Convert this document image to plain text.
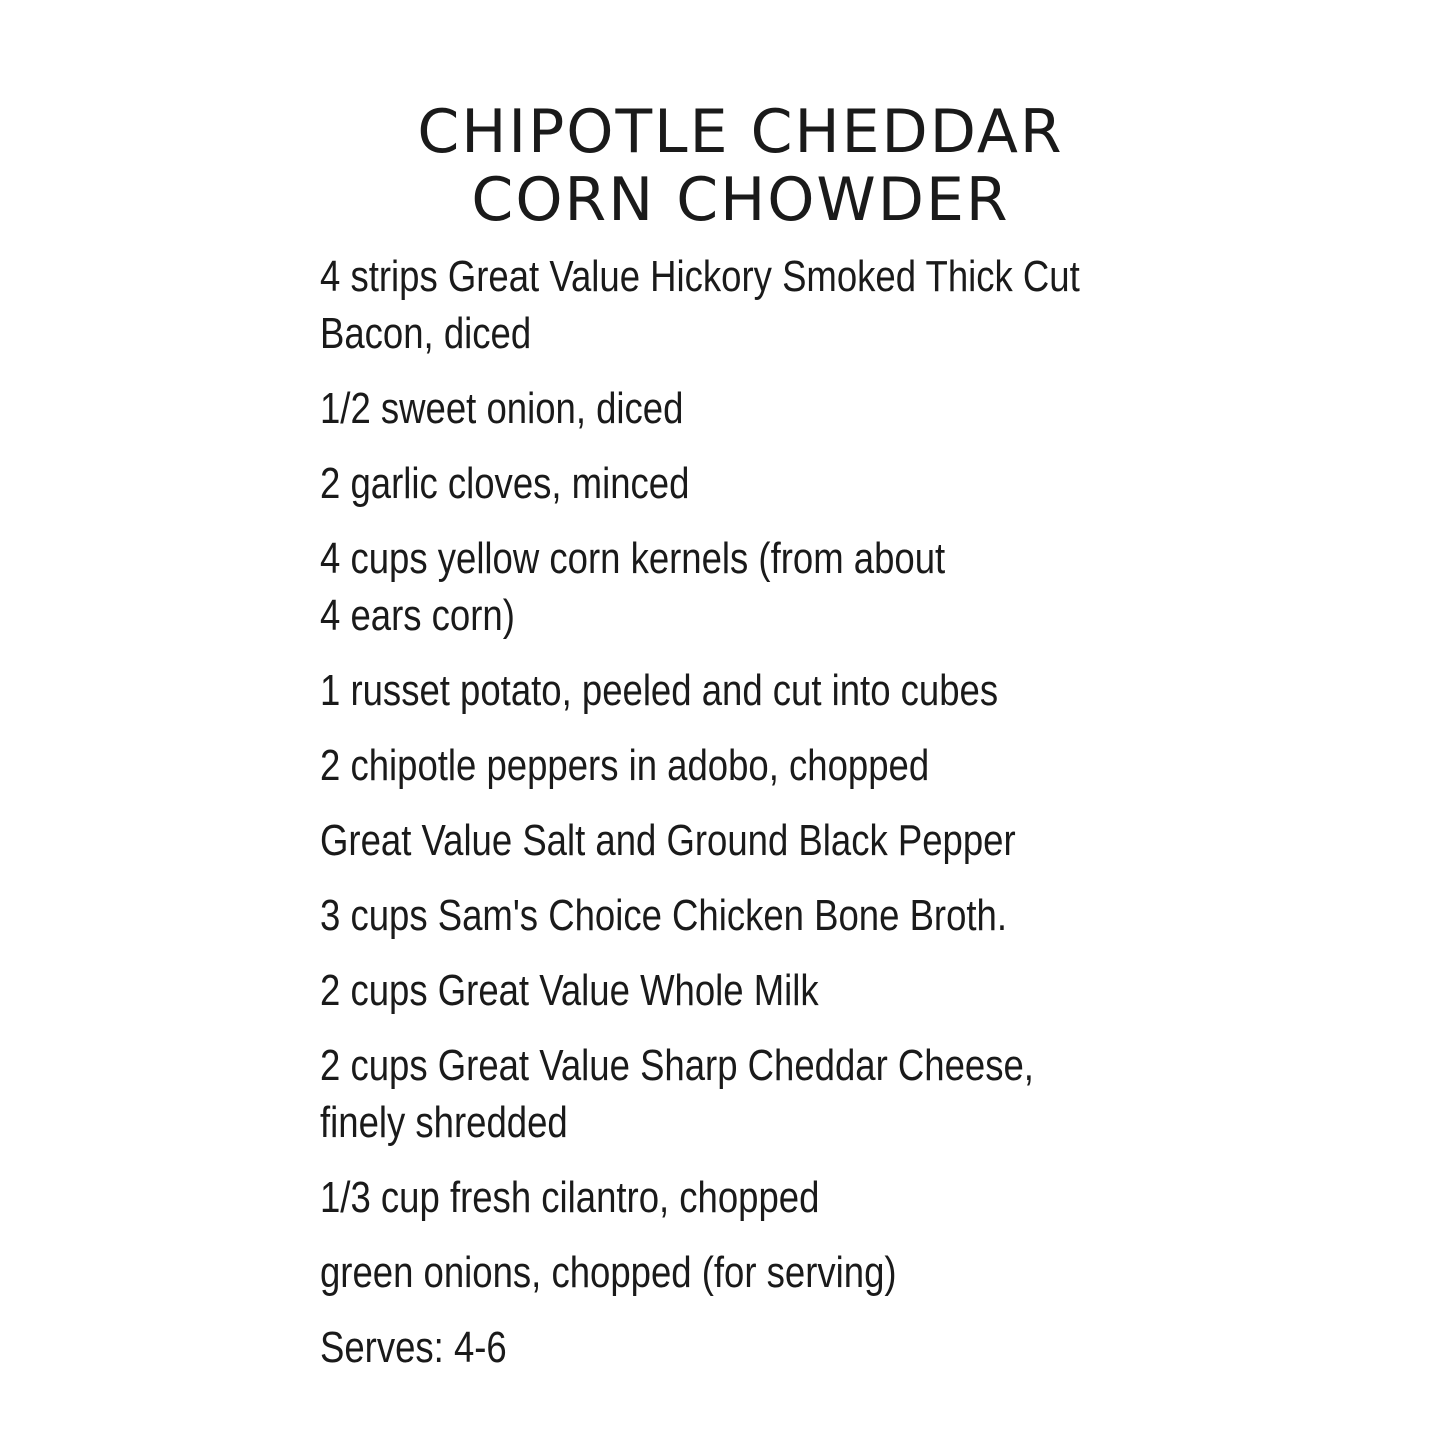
CHIPOTLE CHEDDAR
CORN CHOWDER
4 strips Great Value Hickory Smoked Thick Cut
Bacon, diced
1/2 sweet onion, diced
2 garlic cloves, minced
4 cups yellow corn kernels (from about
4 ears corn)
1 russet potato, peeled and cut into cubes
2 chipotle peppers in adobo, chopped
Great Value Salt and Ground Black Pepper
3 cups Sam's Choice Chicken Bone Broth.
2 cups Great Value Whole Milk
2 cups Great Value Sharp Cheddar Cheese,
finely shredded
1/3 cup fresh cilantro, chopped
green onions, chopped (for serving)
Serves: 4-6
